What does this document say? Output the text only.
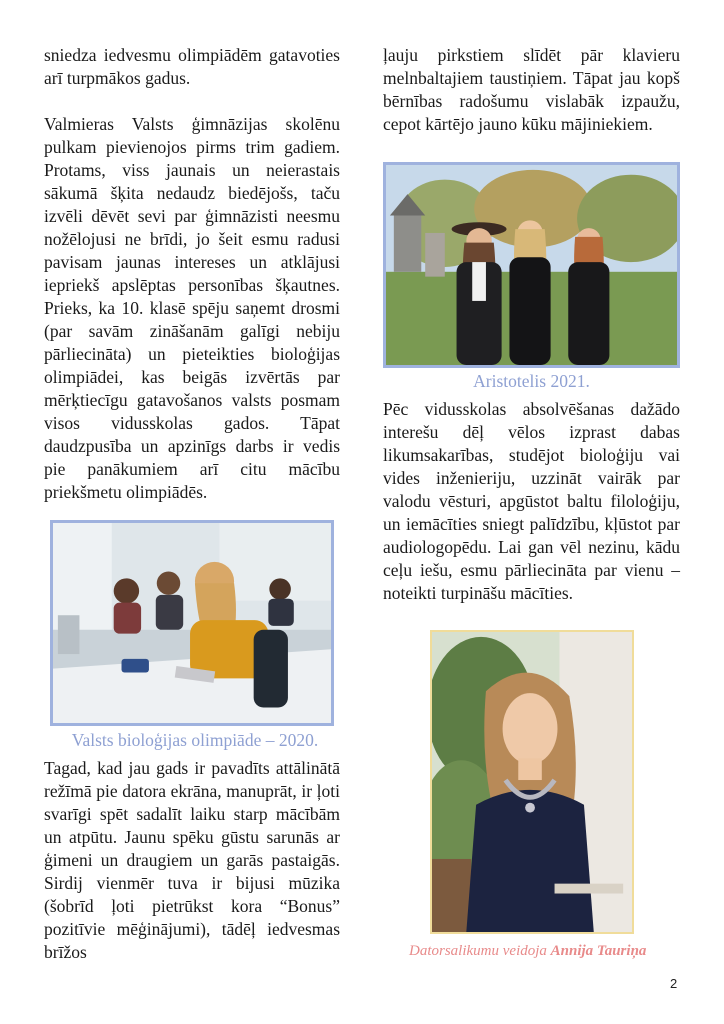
sniedza iedvesmu olimpiādēm gatavoties arī turpmākos gadus.

Valmieras Valsts ģimnāzijas skolēnu pulkam pievienojos pirms trim gadiem. Protams, viss jaunais un neierastais sākumā šķita nedaudz biedējošs, taču izvēli dēvēt sevi par ģimnāzisti neesmu nožēlojusi ne brīdi, jo šeit esmu radusi pavisam jaunas intereses un atklājusi iepriekš apslēptas personības šķautnes. Prieks, ka 10. klasē spēju saņemt drosmi (par savām zināšanām galīgi nebiju pārliecināta) un pieteikties bioloģijas olimpiādei, kas beigās izvērtās par mērķtiecīgu gatavošanos valsts posmam visos vidusskolas gados. Tāpat daudzpusība un apzinīgs darbs ir vedis pie panākumiem arī citu mācību priekšmetu olimpiādēs.

Valsts bioloģijas olimpiāde – 2020.

Tagad, kad jau gads ir pavadīts attālinātā režīmā pie datora ekrāna, manuprāt, ir ļoti svarīgi spēt sadalīt laiku starp mācībām un atpūtu. Jaunu spēku gūstu sarunās ar ģimeni un draugiem un garās pastaigās. Sirdij vienmēr tuva ir bijusi mūzika (šobrīd ļoti pietrūkst kora “Bonus” pozitīvie mēģinājumi), tādēļ iedvesmas brīžos

ļauju pirkstiem slīdēt pār klavieru melnbaltajiem taustiņiem. Tāpat jau kopš bērnības radošumu vislabāk izpaužu, cepot kārtējo jauno kūku mājiniekiem.

Aristotelis 2021.

Pēc vidusskolas absolvēšanas dažādo interešu dēļ vēlos izprast dabas likumsakarības, studējot bioloģiju vai vides inženieriju, uzzināt vairāk par valodu vēsturi, apgūstot baltu filoloģiju, un iemācīties sniegt palīdzību, kļūstot par audiologopēdu. Lai gan vēl nezinu, kādu ceļu iešu, esmu pārliecināta par vienu – noteikti turpināšu mācīties.

Datorsalikumu veidoja Annija Tauriņa
2
